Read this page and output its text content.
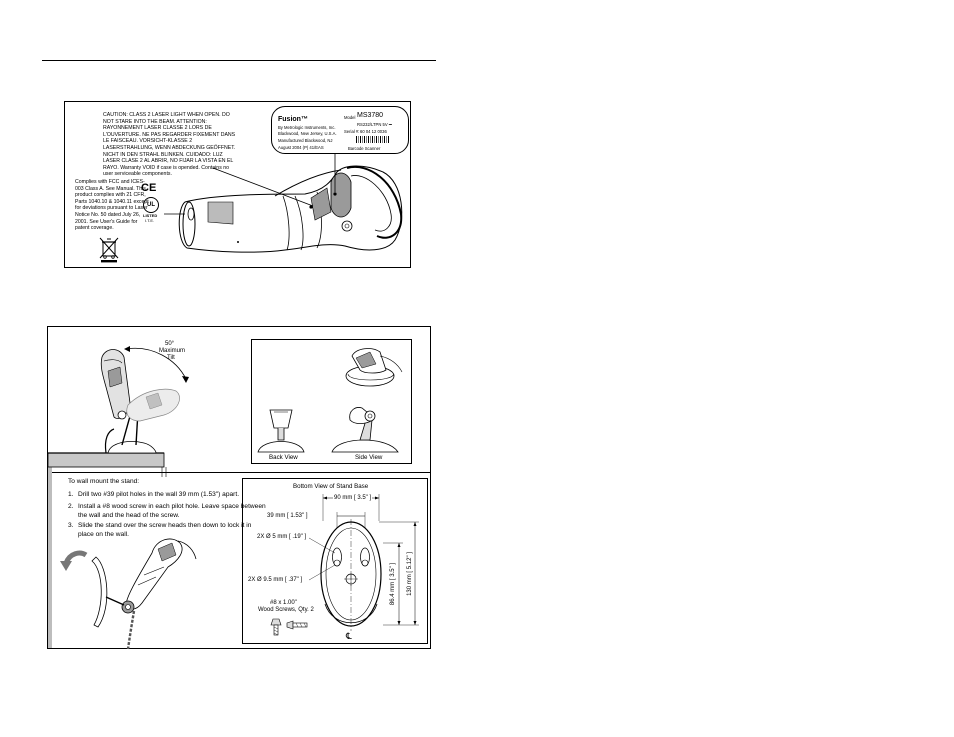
CAUTION: CLASS 2 LASER LIGHT WHEN OPEN. DO NOT STARE INTO THE BEAM. ATTENTION: RAYONNEMENT LASER CLASSE 2 LORS DE L'OUVERTURE. NE PAS REGARDER FIXEMENT DANS LE FAISCEAU. VORSICHT-KLASSE 2 LASERSTRAHLUNG, WENN ABDECKUNG GEÖFFNET. NICHT IN DEN STRAHL BLINKEN. CUIDADO: LUZ LASER CLASE 2 AL ABRIR, NO FIJAR LA VISTA EN EL RAYO. Warranty VOID if case is opended. Contains no user serviceable components.
Complies with FCC and ICES-003 Class A. See Manual. This product complies with 21 CFR, Parts 1040.10 & 1040.11 except for deviations pursuant to Laser Notice No. 50 dated July 26, 2001. See User's Guide for patent coverage.
CE
UL
LISTED
I.T.E.
Fusion™
By Metrologic Instruments, Inc.
Blackwood, New Jersey, U.S.A.
Manufactured Blackwood, NJ
August 2004 (P) 41/EAS
Model MS3780
RS232/LTPN 5V ⎓
Serial #: 60 04 12 0036
Barcode Scanner
50°
Maximum
Tilt
Back View	Side View
To wall mount the stand:
1. Drill two #39 pilot holes in the wall 39 mm (1.53") apart.
2. Install a #8 wood screw in each pilot hole. Leave space between the wall and the head of the screw.
3. Slide the stand over the screw heads then down to lock it in place on the wall.
Bottom View of Stand Base
90 mm [ 3.5" ]
39 mm [ 1.53" ]
2X Ø 5 mm [ .19" ]
2X Ø 9.5 mm [ .37" ]	86.4 mm [ 3.5" ] 130 mm [ 5.12" ]
#8 x 1.00"
Wood Screws, Qty. 2
℄
